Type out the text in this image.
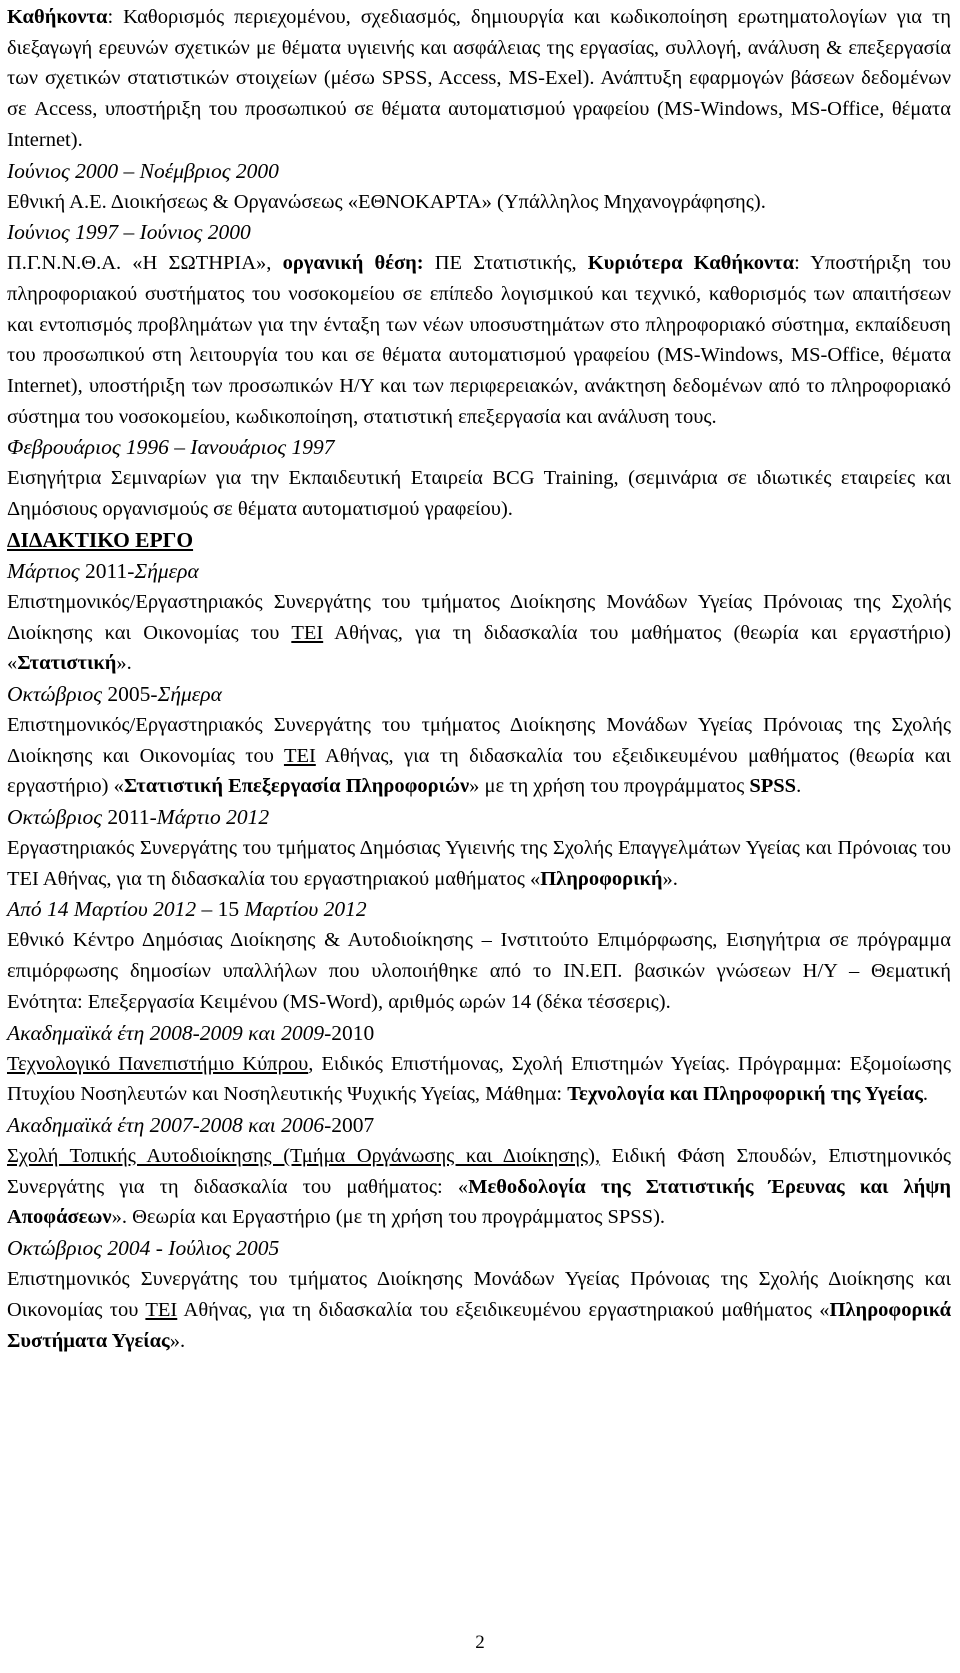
Καθήκοντα: Καθορισμός περιεχομένου, σχεδιασμός, δημιουργία και κωδικοποίηση ερωτηματολογίων για τη διεξαγωγή ερευνών σχετικών με θέματα υγιεινής και ασφάλειας της εργασίας, συλλογή, ανάλυση & επεξεργασία των σχετικών στατιστικών στοιχείων (μέσω SPSS, Access, MS-Exel). Ανάπτυξη εφαρμογών βάσεων δεδομένων σε Access, υποστήριξη του προσωπικού σε θέματα αυτοματισμού γραφείου (MS-Windows, MS-Office, θέματα Internet).

Ιούνιος 2000 – Νοέμβριος 2000

Εθνική Α.Ε. Διοικήσεως & Οργανώσεως «ΕΘΝΟΚΑΡΤΑ» (Υπάλληλος Μηχανογράφησης).

Ιούνιος 1997 – Ιούνιος 2000

Π.Γ.Ν.Ν.Θ.Α. «Η ΣΩΤΗΡΙΑ», οργανική θέση: ΠΕ Στατιστικής, Κυριότερα Καθήκοντα: Υποστήριξη του πληροφοριακού συστήματος του νοσοκομείου σε επίπεδο λογισμικού και τεχνικό, καθορισμός των απαιτήσεων και εντοπισμός προβλημάτων για την ένταξη των νέων υποσυστημάτων στο πληροφοριακό σύστημα, εκπαίδευση του προσωπικού στη λειτουργία του και σε θέματα αυτοματισμού γραφείου (MS-Windows, MS-Office, θέματα Internet), υποστήριξη των προσωπικών Η/Υ και των περιφερειακών, ανάκτηση δεδομένων από το πληροφοριακό σύστημα του νοσοκομείου, κωδικοποίηση, στατιστική επεξεργασία και ανάλυση τους.

Φεβρουάριος 1996 – Ιανουάριος 1997

Εισηγήτρια Σεμιναρίων για την Εκπαιδευτική Εταιρεία BCG Training, (σεμινάρια σε ιδιωτικές εταιρείες και Δημόσιους οργανισμούς σε θέματα αυτοματισμού γραφείου).

ΔΙΔΑΚΤΙΚΟ ΕΡΓΟ

Μάρτιος 2011-Σήμερα

Επιστημονικός/Εργαστηριακός Συνεργάτης του τμήματος Διοίκησης Μονάδων Υγείας Πρόνοιας της Σχολής Διοίκησης και Οικονομίας του ΤΕΙ Αθήνας, για τη διδασκαλία του μαθήματος (θεωρία και εργαστήριο) «Στατιστική».

Οκτώβριος 2005-Σήμερα

Επιστημονικός/Εργαστηριακός Συνεργάτης του τμήματος Διοίκησης Μονάδων Υγείας Πρόνοιας της Σχολής Διοίκησης και Οικονομίας του ΤΕΙ Αθήνας, για τη διδασκαλία του εξειδικευμένου μαθήματος (θεωρία και εργαστήριο) «Στατιστική Επεξεργασία Πληροφοριών» με τη χρήση του προγράμματος SPSS.

Οκτώβριος 2011-Μάρτιο 2012

Εργαστηριακός Συνεργάτης του τμήματος Δημόσιας Υγιεινής της Σχολής Επαγγελμάτων Υγείας και Πρόνοιας του ΤΕΙ Αθήνας, για τη διδασκαλία του εργαστηριακού μαθήματος «Πληροφορική».

Από 14 Μαρτίου 2012 – 15 Μαρτίου 2012

Εθνικό Κέντρο Δημόσιας Διοίκησης & Αυτοδιοίκησης – Ινστιτούτο Επιμόρφωσης, Εισηγήτρια σε πρόγραμμα επιμόρφωσης δημοσίων υπαλλήλων που υλοποιήθηκε από το ΙΝ.ΕΠ. βασικών γνώσεων Η/Υ – Θεματική Ενότητα: Επεξεργασία Κειμένου (MS-Word), αριθμός ωρών 14 (δέκα τέσσερις).

Ακαδημαϊκά έτη 2008-2009 και 2009-2010

Τεχνολογικό Πανεπιστήμιο Κύπρου, Ειδικός Επιστήμονας, Σχολή Επιστημών Υγείας. Πρόγραμμα: Εξομοίωσης Πτυχίου Νοσηλευτών και Νοσηλευτικής Ψυχικής Υγείας, Μάθημα: Τεχνολογία και Πληροφορική της Υγείας.

Ακαδημαϊκά έτη 2007-2008 και 2006-2007

Σχολή Τοπικής Αυτοδιοίκησης (Τμήμα Οργάνωσης και Διοίκησης), Ειδική Φάση Σπουδών, Επιστημονικός Συνεργάτης για τη διδασκαλία του μαθήματος: «Μεθοδολογία της Στατιστικής Έρευνας και λήψη Αποφάσεων». Θεωρία και Εργαστήριο (με τη χρήση του προγράμματος SPSS).

Οκτώβριος 2004 - Ιούλιος 2005

Επιστημονικός Συνεργάτης του τμήματος Διοίκησης Μονάδων Υγείας Πρόνοιας της Σχολής Διοίκησης και Οικονομίας του ΤΕΙ Αθήνας, για τη διδασκαλία του εξειδικευμένου εργαστηριακού μαθήματος «Πληροφορικά Συστήματα Υγείας».

2
